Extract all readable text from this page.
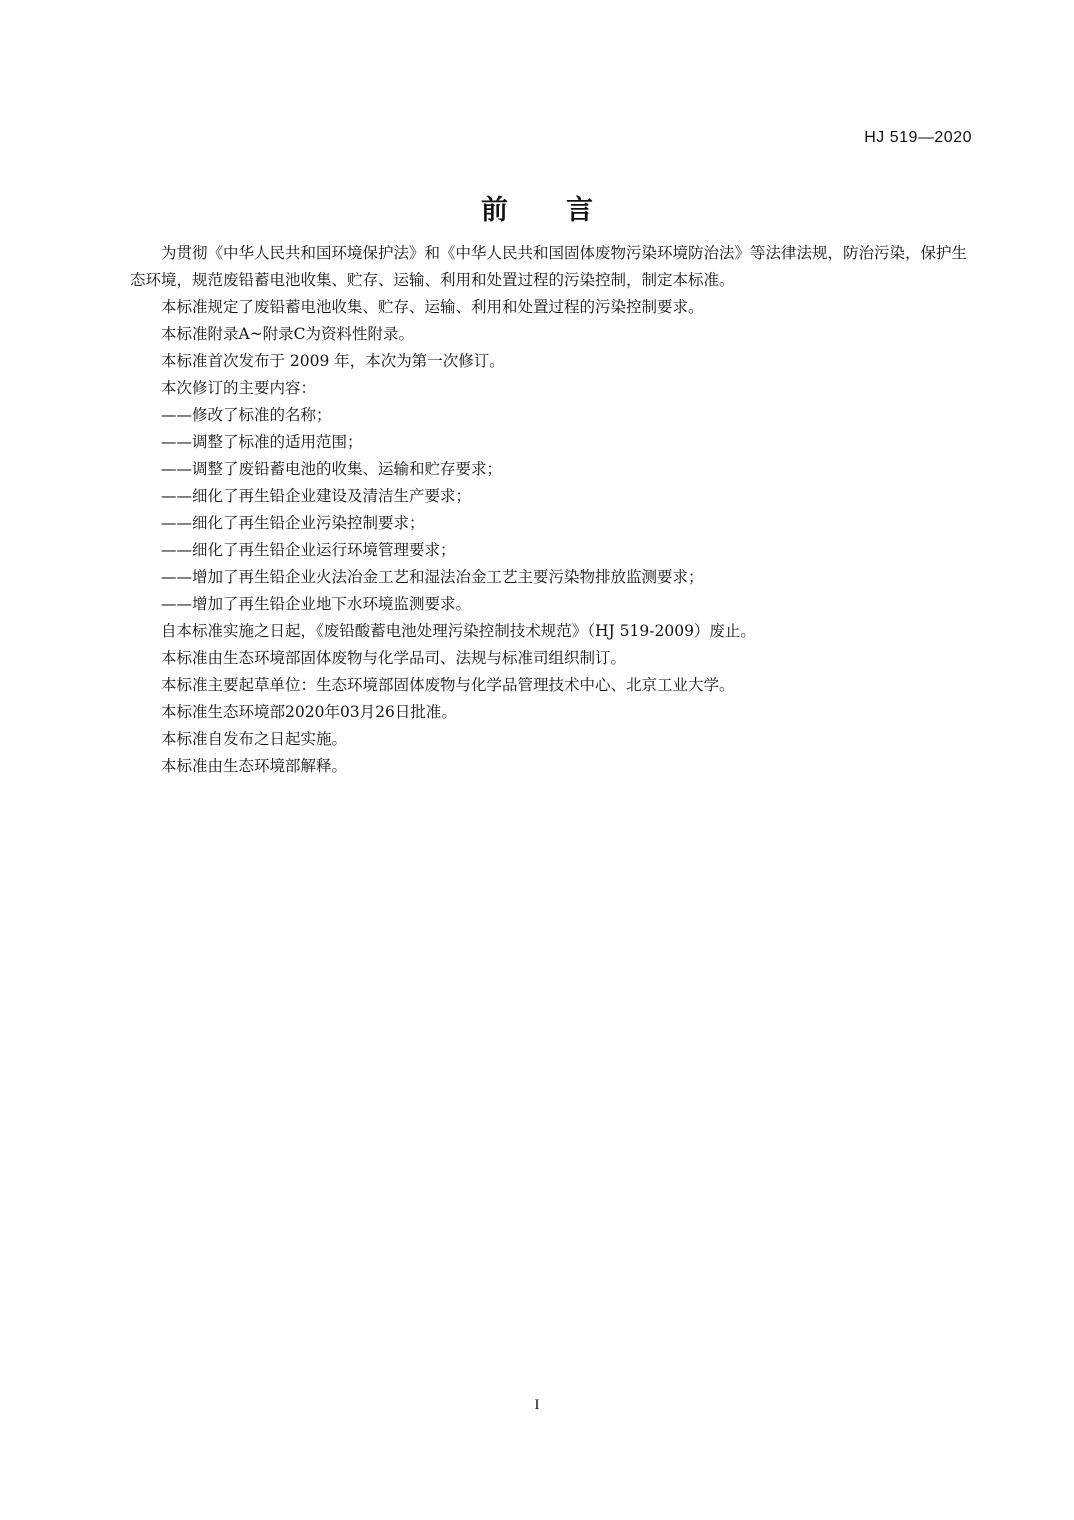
HJ 519—2020
前言

为贯彻《中华人民共和国环境保护法》和《中华人民共和国固体废物污染环境防治法》等法律法规，防治污染，保护生态环境，规范废铅蓄电池收集、贮存、运输、利用和处置过程的污染控制，制定本标准。

本标准规定了废铅蓄电池收集、贮存、运输、利用和处置过程的污染控制要求。

本标准附录A~附录C为资料性附录。

本标准首次发布于 2009 年，本次为第一次修订。

本次修订的主要内容：

——修改了标准的名称；

——调整了标准的适用范围；

——调整了废铅蓄电池的收集、运输和贮存要求；

——细化了再生铅企业建设及清洁生产要求；

——细化了再生铅企业污染控制要求；

——细化了再生铅企业运行环境管理要求；

——增加了再生铅企业火法冶金工艺和湿法冶金工艺主要污染物排放监测要求；

——增加了再生铅企业地下水环境监测要求。

自本标准实施之日起，《废铅酸蓄电池处理污染控制技术规范》（HJ 519-2009）废止。

本标准由生态环境部固体废物与化学品司、法规与标准司组织制订。

本标准主要起草单位：生态环境部固体废物与化学品管理技术中心、北京工业大学。

本标准生态环境部2020年03月26日批准。

本标准自发布之日起实施。

本标准由生态环境部解释。

I
